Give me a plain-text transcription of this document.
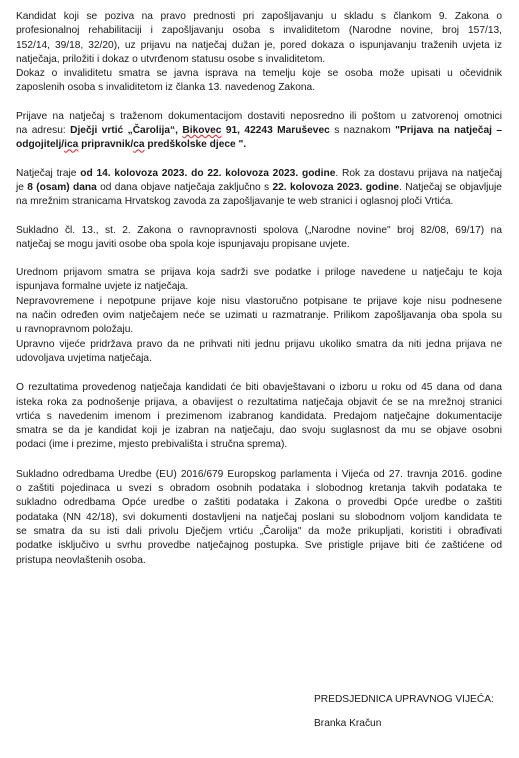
Kandidat koji se poziva na pravo prednosti pri zapošljavanju u skladu s člankom 9. Zakona o
profesionalnoj rehabilitaciji i zapošljavanju osoba s invaliditetom (Narodne novine, broj 157/13,
152/14, 39/18, 32/20), uz prijavu na natječaj dužan je, pored dokaza o ispunjavanju traženih uvjeta iz
natječaja, priložiti i dokaz o utvrđenom statusu osobe s invaliditetom.
Dokaz o invaliditetu smatra se javna isprava na temelju koje se osoba može upisati u očevidnik
zaposlenih osoba s invaliditetom iz članka 13. navedenog Zakona.

Prijave na natječaj s traženom dokumentacijom dostaviti neposredno ili poštom u zatvorenoj omotnici
na adresu: Dječji vrtić „Čarolija“, Bikovec 91, 42243 Maruševec s naznakom "Prijava na natječaj –
odgojitelj/ica pripravnik/ca predškolske djece ".

Natječaj traje od 14. kolovoza 2023. do 22. kolovoza 2023. godine. Rok za dostavu prijava na natječaj
je 8 (osam) dana od dana objave natječaja zaključno s 22. kolovoza 2023. godine. Natječaj se objavljuje
na mrežnim stranicama Hrvatskog zavoda za zapošljavanje te web stranici i oglasnoj ploči Vrtića.

Sukladno čl. 13., st. 2. Zakona o ravnopravnosti spolova („Narodne novine" broj 82/08, 69/17) na
natječaj se mogu javiti osobe oba spola koje ispunjavaju propisane uvjete.

Urednom prijavom smatra se prijava koja sadrži sve podatke i priloge navedene u natječaju te koja
ispunjava formalne uvjete iz natječaja.
Nepravovremene i nepotpune prijave koje nisu vlastoručno potpisane te prijave koje nisu podnesene
na način određen ovim natječajem neće se uzimati u razmatranje. Prilikom zapošljavanja oba spola su
u ravnopravnom položaju.
Upravno vijeće pridržava pravo da ne prihvati niti jednu prijavu ukoliko smatra da niti jedna prijava ne
udovoljava uvjetima natječaja.

O rezultatima provedenog natječaja kandidati će biti obavještavani o izboru u roku od 45 dana od dana
isteka roka za podnošenje prijava, a obavijest o rezultatima natječaja objavit će se na mrežnoj stranici
vrtića s navedenim imenom i prezimenom izabranog kandidata. Predajom natječajne dokumentacije
smatra se da je kandidat koji je izabran na natječaju, dao svoju suglasnost da mu se objave osobni
podaci (ime i prezime, mjesto prebivališta i stručna sprema).

Sukladno odredbama Uredbe (EU) 2016/679 Europskog parlamenta i Vijeća od 27. travnja 2016. godine
o zaštiti pojedinaca u svezi s obradom osobnih podataka i slobodnog kretanja takvih podataka te
sukladno odredbama Opće uredbe o zaštiti podataka i Zakona o provedbi Opće uredbe o zaštiti
podataka (NN 42/18), svi dokumenti dostavljeni na natječaj poslani su slobodnom voljom kandidata te
se smatra da su isti dali privolu Dječjem vrtiću „Čarolija" da može prikupljati, koristiti i obrađivati
podatke isključivo u svrhu provedbe natječajnog postupka. Sve pristigle prijave biti će zaštićene od
pristupa neovlaštenih osoba.

PREDSJEDNICA UPRAVNOG VIJEĆA:
Branka Kračun
